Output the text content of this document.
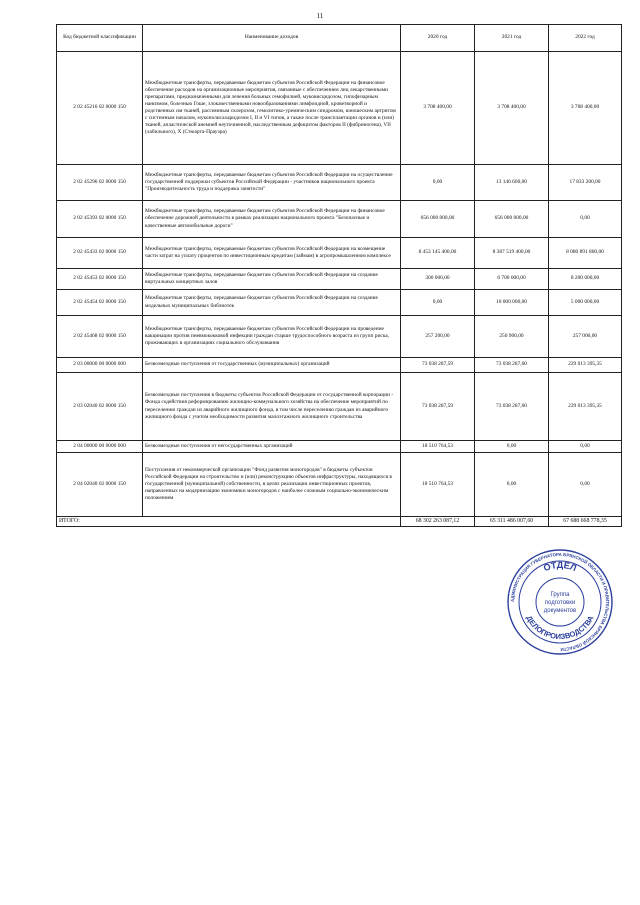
11
Код бюджетной классификации	Наименование доходов	2020 год	2021 год	2022 год
2 02 45216 02 0000 150	Межбюджетные трансферты, передаваемые бюджетам субъектов Российской Федерации на финансовое обеспечение расходов на организационные мероприятия, связанные с обеспечением лиц лекарственными препаратами, предназначенными для лечения больных гемофилией, муковисцидозом, гипофизарным нанизмом, болезнью Гоше, злокачественными новообразованиями лимфоидной, кроветворной и родственных им тканей, рассеянным склерозом, гемолитико-уремическим синдромом, юношеским артритом с системным началом, мукополисахаридозом I, II и VI типов, а также после трансплантации органов и (или) тканей, апластической анемией неуточненной, наследственным дефицитом факторов II (фибриногена), VII (лабильного), X (Стюарта-Прауэра)	3 708 400,00	3 708 400,00	3 708 400,00
2 02 45296 02 0000 150	Межбюджетные трансферты, передаваемые бюджетам субъектов Российской Федерации на осуществление государственной поддержки субъектов Российской Федерации - участников национального проекта "Производительность труда и поддержка занятости"	0,00	13 146 600,00	17 833 200,00
2 02 45393 02 0000 150	Межбюджетные трансферты, передаваемые бюджетам субъектов Российской Федерации на финансовое обеспечение дорожной деятельности в рамках реализации национального проекта "Безопасные и качественные автомобильные дороги"	656 000 000,00	656 000 000,00	0,00
2 02 45433 02 0000 150	Межбюджетные трансферты, передаваемые бюджетам субъектов Российской Федерации на возмещение части затрат на уплату процентов по инвестиционным кредитам (займам) в агропромышленном комплексе	8 453 145 400,00	8 387 519 400,00	8 080 891 800,00
2 02 45453 02 0000 150	Межбюджетные трансферты, передаваемые бюджетам субъектов Российской Федерации на создание виртуальных концертных залов	300 000,00	6 700 000,00	8 200 000,00
2 02 45454 02 0000 150	Межбюджетные трансферты, передаваемые бюджетам субъектов Российской Федерации на создание модельных муниципальных библиотек	0,00	10 000 000,00	5 000 000,00
2 02 45468 02 0000 150	Межбюджетные трансферты, передаваемые бюджетам субъектов Российской Федерации на проведение вакцинации против пневмококковой инфекции граждан старше трудоспособного возраста из групп риска, проживающих в организациях социального обслуживания	257 200,00	256 900,00	257 000,00
2 03 00000 00 0000 000	Безвозмездные поступления от государственных (муниципальных) организаций	73 038 287,59	73 038 287,60	229 013 395,35
2 03 02040 02 0000 150	Безвозмездные поступления в бюджеты субъектов Российской Федерации от государственной корпорации - Фонда содействия реформированию жилищно-коммунального хозяйства на обеспечение мероприятий по переселению граждан из аварийного жилищного фонда, в том числе переселению граждан из аварийного жилищного фонда с учетом необходимости развития малоэтажного жилищного строительства	73 038 287,59	73 038 287,60	229 013 395,35
2 04 00000 00 0000 000	Безвозмездные поступления от негосударственных организаций	18 510 764,53	0,00	0,00
2 04 02040 02 0000 150	Поступления от некоммерческой организации "Фонд развития моногородов" в бюджеты субъектов Российской Федерации на строительство и (или) реконструкцию объектов инфраструктуры, находящихся в государственной (муниципальной) собственности, в целях реализации инвестиционных проектов, направленных на модернизацию экономики моногородов с наиболее сложным социально-экономическим положением	18 510 764,53	0,00	0,00
ИТОГО:		68 302 263 087,12	65 311 486 007,60	67 688 668 778,35
АДМИНИСТРАЦИЯ ГУБЕРНАТОРА БРЯНСКОЙ ОБЛАСТИ И ПРАВИТЕЛЬСТВА БРЯНСКОЙ ОБЛАСТИ
ОТДЕЛ
ДЕЛОПРОИЗВОДСТВА
Группа
подготовки
документов
